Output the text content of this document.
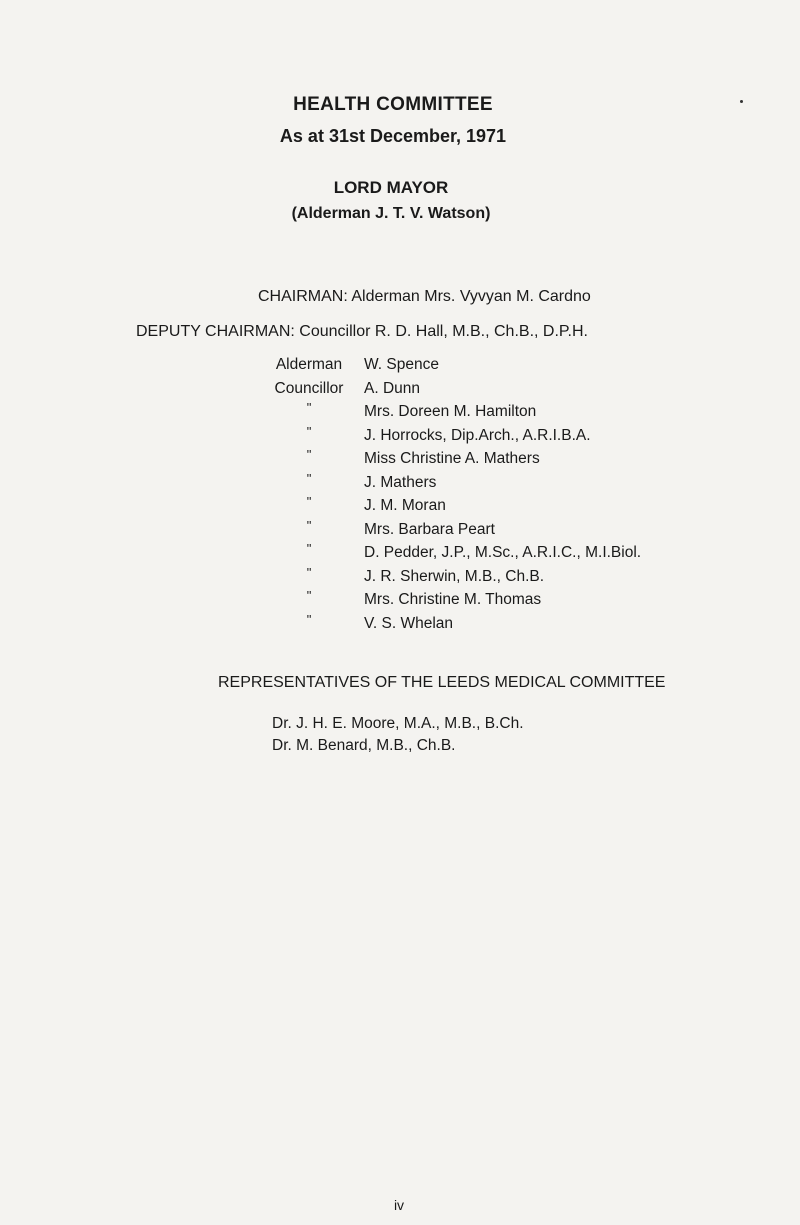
HEALTH COMMITTEE
As at 31st December, 1971
LORD MAYOR
(Alderman J. T. V. Watson)
CHAIRMAN: Alderman Mrs. Vyvyan M. Cardno
DEPUTY CHAIRMAN: Councillor R. D. Hall, M.B., Ch.B., D.P.H.
Alderman	W. Spence
Councillor	A. Dunn
"	Mrs. Doreen M. Hamilton
"	J. Horrocks, Dip.Arch., A.R.I.B.A.
"	Miss Christine A. Mathers
"	J. Mathers
"	J. M. Moran
"	Mrs. Barbara Peart
"	D. Pedder, J.P., M.Sc., A.R.I.C., M.I.Biol.
"	J. R. Sherwin, M.B., Ch.B.
"	Mrs. Christine M. Thomas
"	V. S. Whelan
REPRESENTATIVES OF THE LEEDS MEDICAL COMMITTEE
Dr. J. H. E. Moore, M.A., M.B., B.Ch.
Dr. M. Benard, M.B., Ch.B.
iv
